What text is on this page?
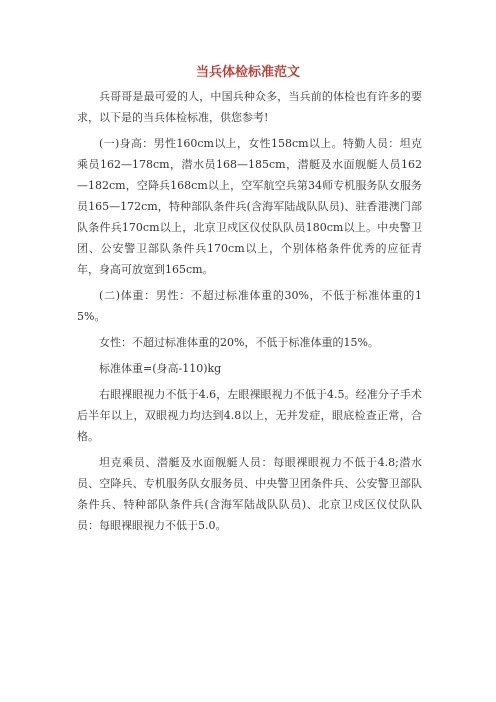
当兵体检标准范文

兵哥哥是最可爱的人，中国兵种众多，当兵前的体检也有许多的要求，以下是的当兵体检标准，供您参考!

(一)身高：男性160cm以上，女性158cm以上。特勤人员：坦克乘员162—178cm，潜水员168—185cm，潜艇及水面舰艇人员162—182cm，空降兵168cm以上，空军航空兵第34师专机服务队女服务员165—172cm，特种部队条件兵(含海军陆战队队员)、驻香港澳门部队条件兵170cm以上，北京卫戍区仪仗队队员180cm以上。中央警卫团、公安警卫部队条件兵170cm以上，个别体格条件优秀的应征青年，身高可放宽到165cm。

(二)体重：男性：不超过标准体重的30%，不低于标准体重的15%。

女性：不超过标准体重的20%，不低于标准体重的15%。

标准体重=(身高-110)kg

右眼裸眼视力不低于4.6，左眼裸眼视力不低于4.5。经准分子手术后半年以上，双眼视力均达到4.8以上，无并发症，眼底检查正常，合格。

坦克乘员、潜艇及水面舰艇人员：每眼裸眼视力不低于4.8;潜水员、空降兵、专机服务队女服务员、中央警卫团条件兵、公安警卫部队条件兵、特种部队条件兵(含海军陆战队队员)、北京卫戍区仪仗队队员：每眼裸眼视力不低于5.0。
